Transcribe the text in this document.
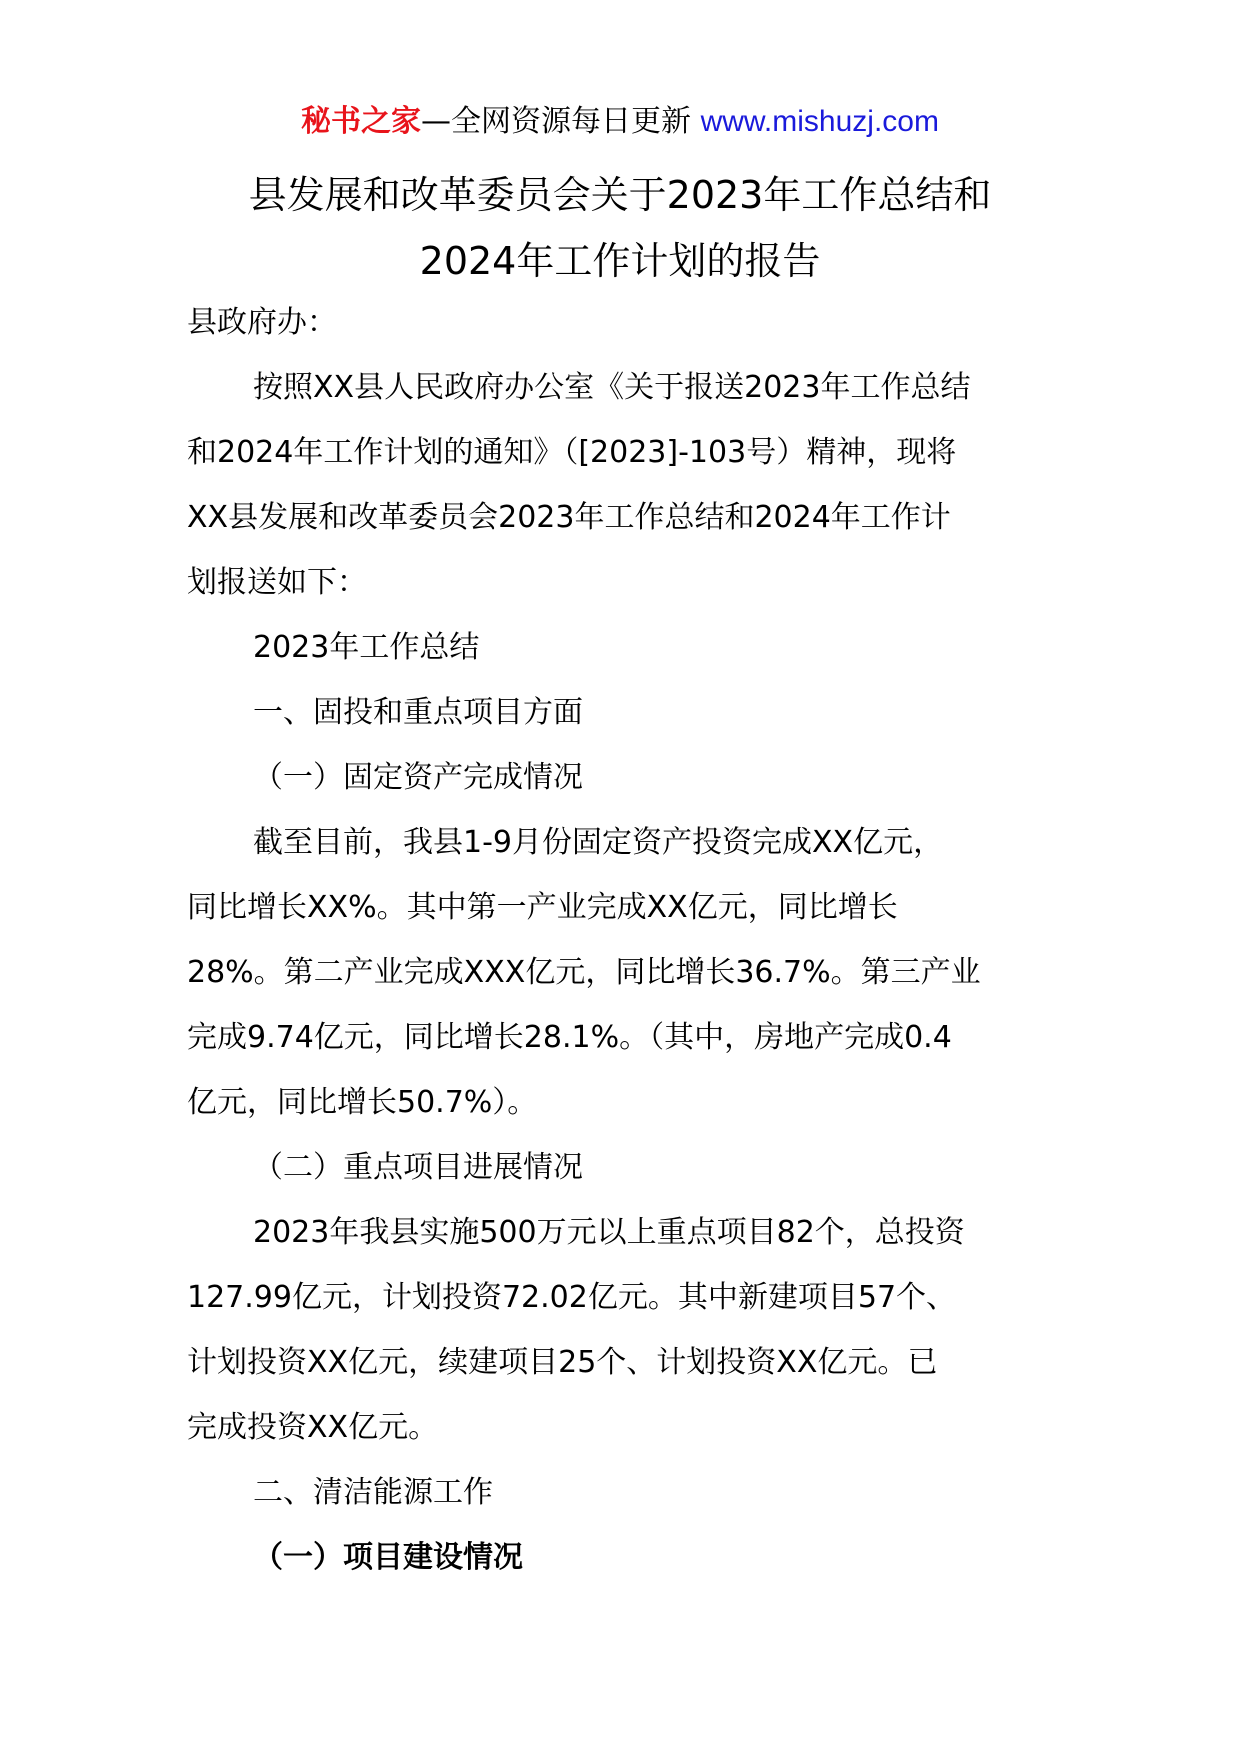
秘书之家—全网资源每日更新 www.mishuzj.com
县发展和改革委员会关于2023年工作总结和
2024年工作计划的报告
县政府办：
按照XX县人民政府办公室《关于报送2023年工作总结
和2024年工作计划的通知》（[2023]-103号）精神，现将
XX县发展和改革委员会2023年工作总结和2024年工作计
划报送如下：
2023年工作总结
一、固投和重点项目方面
（一）固定资产完成情况
截至目前，我县1-9月份固定资产投资完成XX亿元，
同比增长XX%。其中第一产业完成XX亿元，同比增长
28%。第二产业完成XXX亿元，同比增长36.7%。第三产业
完成9.74亿元，同比增长28.1%。（其中，房地产完成0.4
亿元，同比增长50.7%）。
（二）重点项目进展情况
2023年我县实施500万元以上重点项目82个，总投资
127.99亿元，计划投资72.02亿元。其中新建项目57个、
计划投资XX亿元，续建项目25个、计划投资XX亿元。已
完成投资XX亿元。
二、清洁能源工作
（一）项目建设情况
